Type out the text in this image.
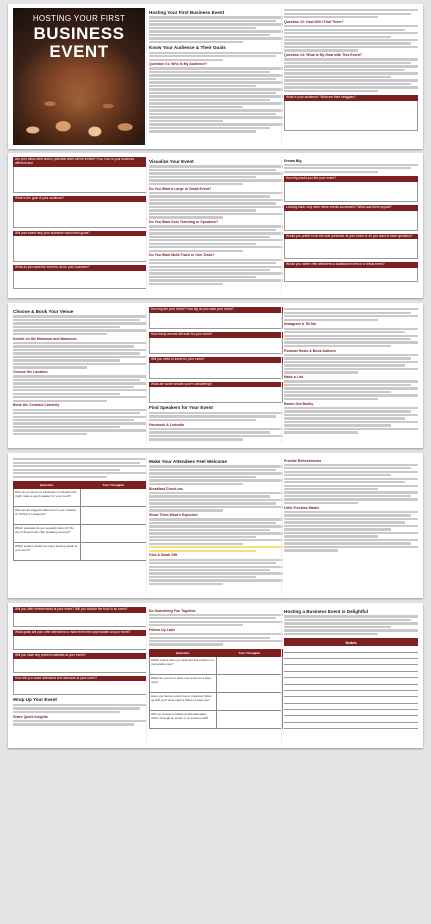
HOSTING YOUR FIRST
BUSINESS
EVENT
Hosting Your First Business Event
Know Your Audience & Their Goals
Question #1: Who Is My Audience?
Question #2: How Will I Find Them?
Question #3: What Is My Goal with This Event?
What is your audience? What are their struggles?
Are your ideal client and/or potential client will be invited? If so, how is your business different and
What is the goal of your audience?
Will your event help your audience reach their goals?
What do you want the event to do for your business?
Visualize Your Event
Do You Want a Large or Small Event?
Do You Want Solo Teaching or Speakers?
Do You Want Multi-Track or One-Track?
Dream Big
How big would you like your event?
Looking back, why were these events successful? What was there appeal?
Would you prefer to be the sole presenter at your event or do you want to have speakers?
Would you rather offer attendees a traditional event or a virtual event?
Choose & Book Your Venue
Decide on the Minimum and Maximum
Choose the Location
Book the Contract Carefully
How big are your event? How big do you want your event?
How many venues will work for your event?
Will you need to travel for your event?
What are some venues you're considering?
Find Speakers for Your Event
Facebook & LinkedIn
Instagram & TikTok
Podcast Hosts & Book Authors
Make a List
Reach Out Boldly
Question	Your Thoughts
Who do you know on Facebook or LinkedIn that might make a good speaker for your event?	
Who are the biggest influencers in your industry on TikTok or Instagram?	
Which podcasts do you regularly listen to? Do any of these hosts offer speaking services?	
Which authors would you enjoy hearing speak at your event?	
Make Your Attendees Feel Welcome
Breakfast Check-Ins
Show Them What's Expected
Give A Small Gift
Provide Refreshments
Little Freebies Matter
Will you offer refreshments at your event? Will you include the food in an event?
What goals will your offer attendees to make them feel appreciated at your event?
Will you have any printed materials at your event?
How will you make attendees feel welcome at your event?
Wrap Up Your Event
Share Quick Insights
Do Something Fun Together
Follow Up Later
Question	Your Thoughts
Which events have you attended that ended on a memorable note?	
What can you do to close your event on a high-note?	
Have you had an event host or organizer follow up with you? How might a follow-up help you?	
Will you choose to follow up with attendees online, through an email, or on a phone call?	
Hosting a Business Event is Delightful
Notes
